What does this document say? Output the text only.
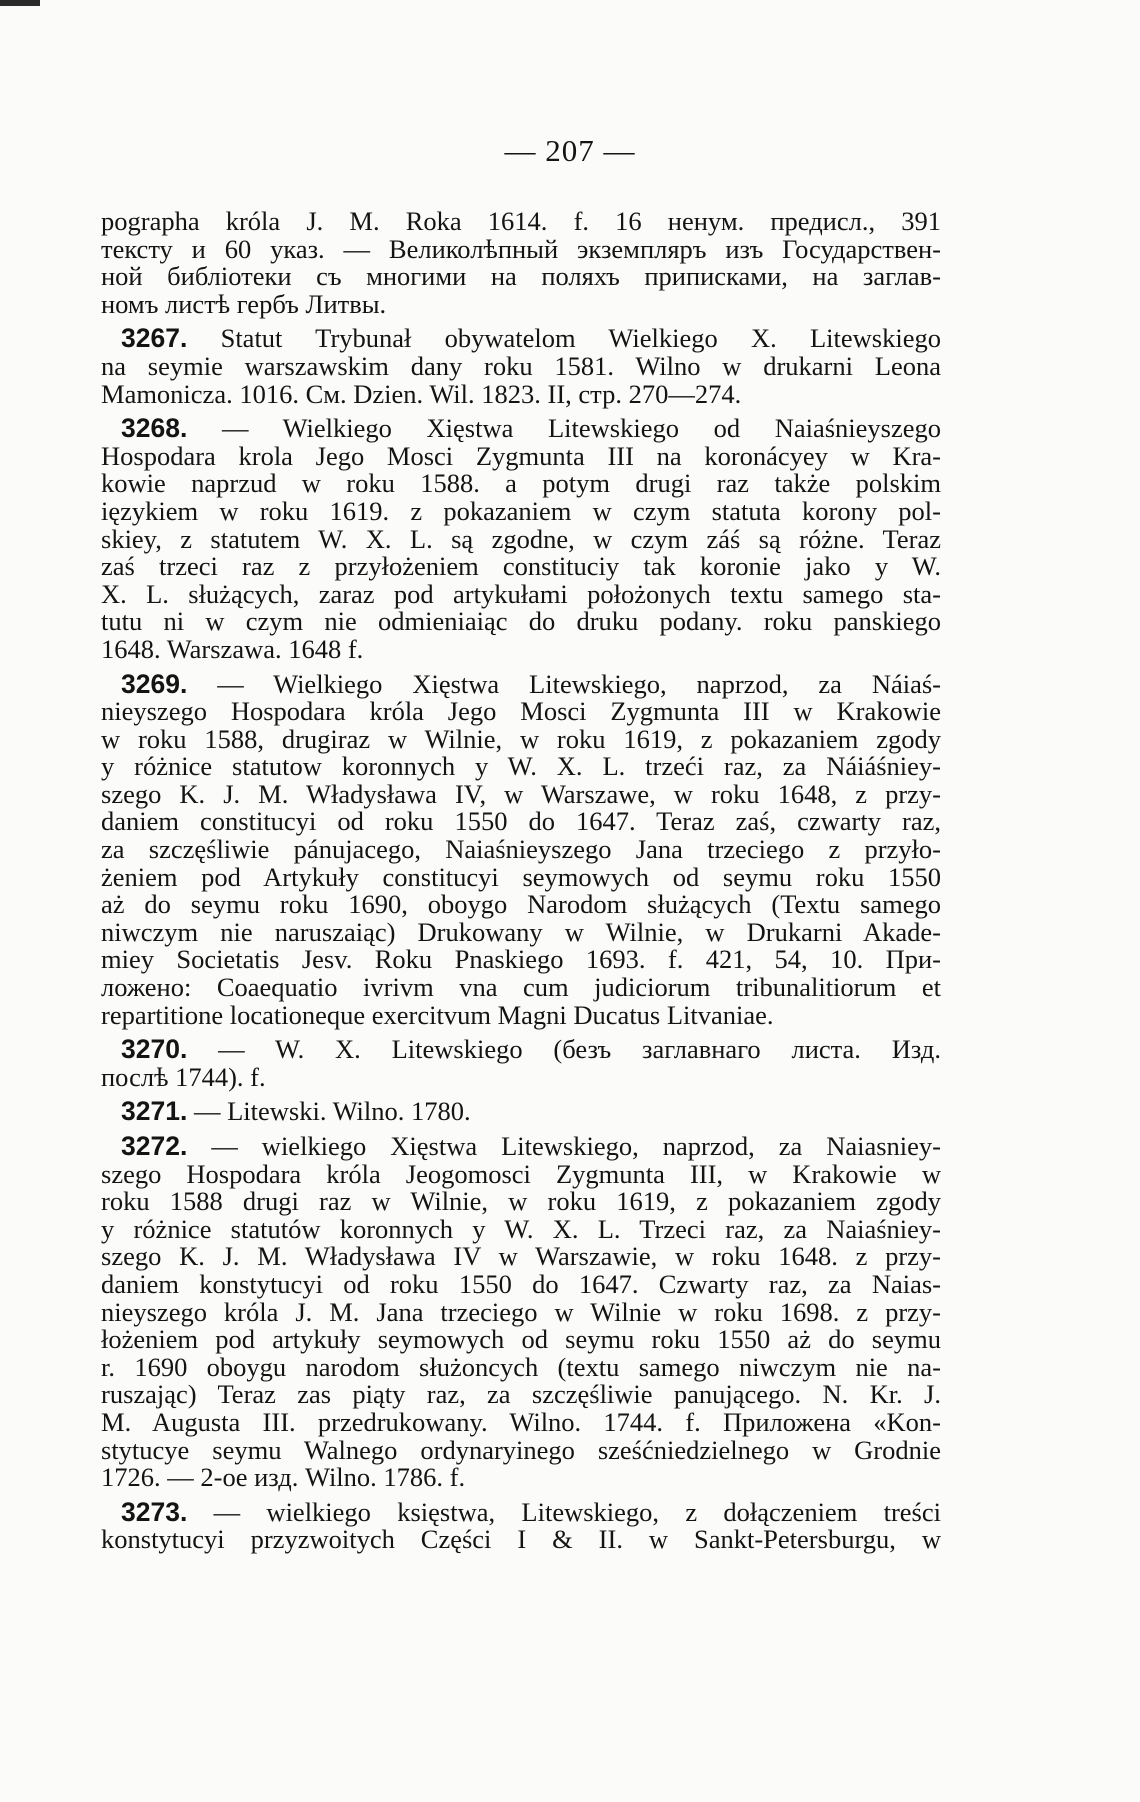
— 207 —
pographa króla J. M. Roka 1614. f. 16 ненум. предисл., 391
тексту и 60 указ. — Великолѣпный экземпляръ изъ Государствен-
ной библіотеки съ многими на поляхъ приписками, на заглав-
номъ листѣ гербъ Литвы.
3267. Statut Trybunał obywatelom Wielkiego X. Litewskiego
na seymie warszawskim dany roku 1581. Wilno w drukarni Leona
Mamonicza. 1016. См. Dzien. Wil. 1823. II, стр. 270—274.
3268. — Wielkiego Xięstwa Litewskiego od Naiaśnieyszego
Hospodara krola Jego Mosci Zygmunta III na koronácyey w Kra-
kowie naprzud w roku 1588. a potym drugi raz także polskim
ięzykiem w roku 1619. z pokazaniem w czym statuta korony pol-
skiey, z statutem W. X. L. są zgodne, w czym záś są różne. Teraz
zaś trzeci raz z przyłożeniem constituciy tak koronie jako y W.
X. L. służących, zaraz pod artykułami położonych textu samego sta-
tutu ni w czym nie odmieniaiąc do druku podany. roku panskiego
1648. Warszawa. 1648 f.
3269. — Wielkiego Xięstwa Litewskiego, naprzod, za Náiaś-
nieyszego Hospodara króla Jego Mosci Zygmunta III w Krakowie
w roku 1588, drugiraz w Wilnie, w roku 1619, z pokazaniem zgody
y różnice statutow koronnych y W. X. L. trzeći raz, za Náiáśniey-
szego K. J. M. Władysława IV, w Warszawe, w roku 1648, z przy-
daniem constitucyi od roku 1550 do 1647. Teraz zaś, czwarty raz,
za szczęśliwie pánujacego, Naiaśnieyszego Jana trzeciego z przyło-
żeniem pod Artykuły constitucyi seymowych od seymu roku 1550
aż do seymu roku 1690, oboygo Narodom służących (Textu samego
niwczym nie naruszaiąc) Drukowany w Wilnie, w Drukarni Akade-
miey Societatis Jesv. Roku Pnaskiego 1693. f. 421, 54, 10. При-
ложено: Coaequatio ivrivm vna cum judiciorum tribunalitiorum et
repartitione locationeque exercitvum Magni Ducatus Litvaniae.
3270. — W. X. Litewskiego (безъ заглавнаго листа. Изд.
послѣ 1744). f.
3271. — Litewski. Wilno. 1780.
3272. — wielkiego Xięstwa Litewskiego, naprzod, za Naiasniey-
szego Hospodara króla Jeogomosci Zygmunta III, w Krakowie w
roku 1588 drugi raz w Wilnie, w roku 1619, z pokazaniem zgody
y różnice statutów koronnych y W. X. L. Trzeci raz, za Naiaśniey-
szego K. J. M. Władysława IV w Warszawie, w roku 1648. z przy-
daniem konstytucyi od roku 1550 do 1647. Czwarty raz, za Naias-
nieyszego króla J. M. Jana trzeciego w Wilnie w roku 1698. z przy-
łożeniem pod artykuły seymowych od seymu roku 1550 aż do seymu
r. 1690 oboygu narodom służoncych (textu samego niwczym nie na-
ruszając) Teraz zas piąty raz, za szczęśliwie panującego. N. Kr. J.
M. Augusta III. przedrukowany. Wilno. 1744. f. Приложена «Kon-
stytucye seymu Walnego ordynaryinego sześćniedzielnego w Grodnie
1726. — 2-oe изд. Wilno. 1786. f.
3273. — wielkiego księstwa, Litewskiego, z dołączeniem treści
konstytucyi przyzwoitych Części I & II. w Sankt-Petersburgu, w
